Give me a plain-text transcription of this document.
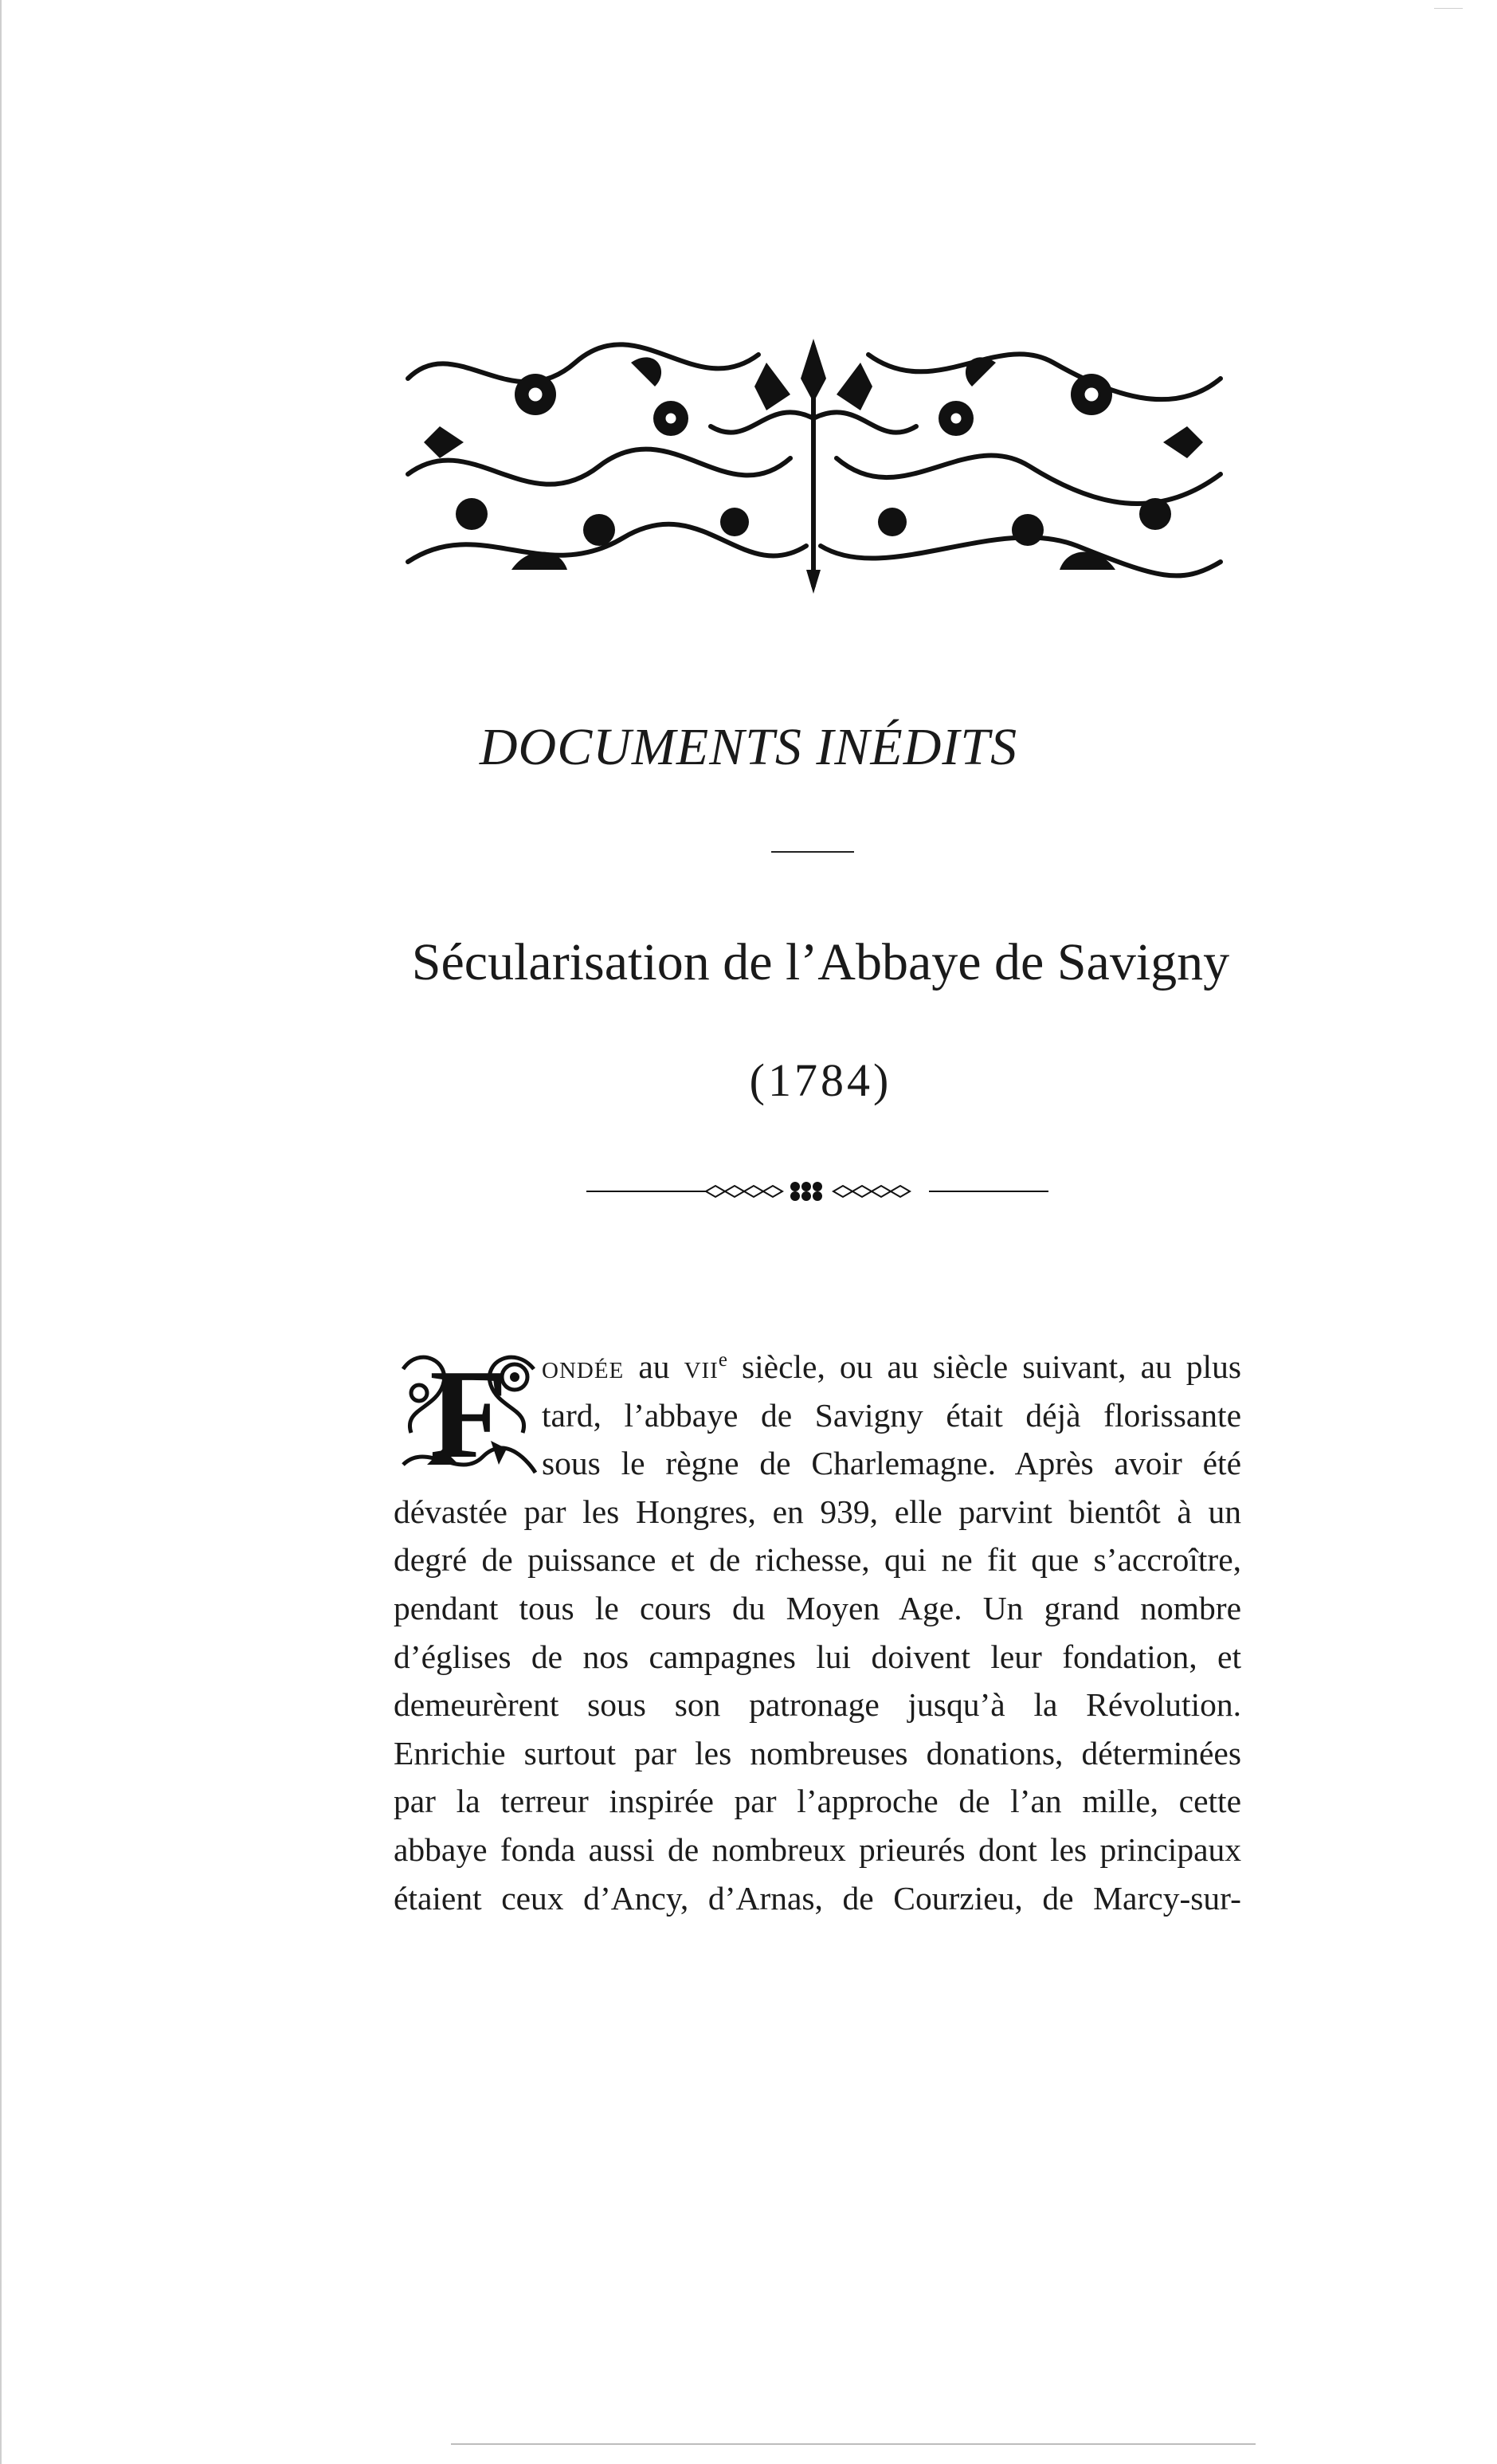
DOCUMENTS INÉDITS
Sécularisation de l’Abbaye de Savigny
(1784)
F ondée au vii$^e$ siècle, ou au siècle suivant, au plus
tard, l’abbaye de Savigny était déjà florissante
sous le règne de Charlemagne. Après avoir été
dévastée par les Hongres, en 939, elle parvint bientôt à un
degré de puissance et de richesse, qui ne fit que s’accroître,
pendant tous le cours du Moyen Age. Un grand nombre
d’églises de nos campagnes lui doivent leur fondation, et
demeurèrent sous son patronage jusqu’à la Révolution.
Enrichie surtout par les nombreuses donations, déterminées
par la terreur inspirée par l’approche de l’an mille, cette
abbaye fonda aussi de nombreux prieurés dont les principaux
étaient ceux d’Ancy, d’Arnas, de Courzieu, de Marcy-sur-
